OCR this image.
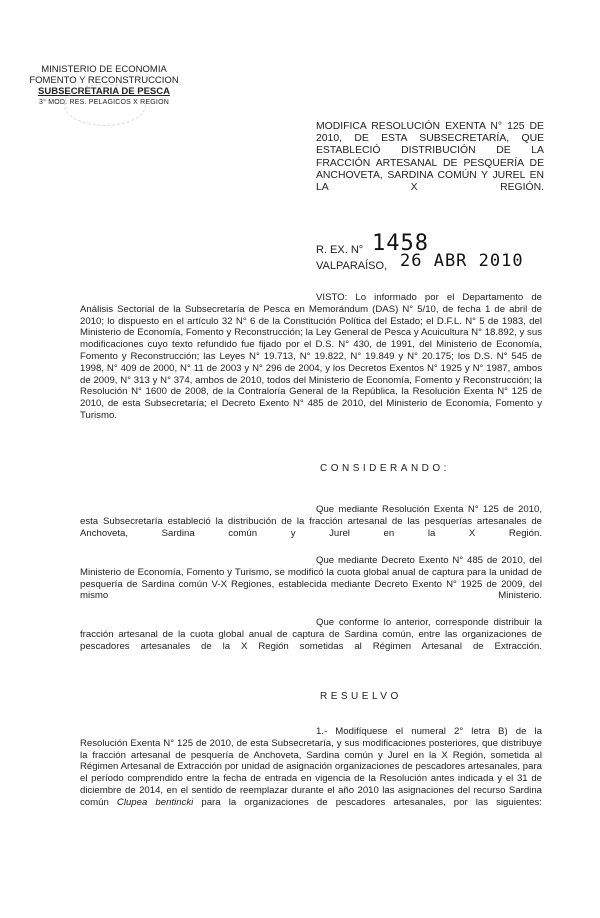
MINISTERIO DE ECONOMIA
FOMENTO Y RECONSTRUCCION
SUBSECRETARIA DE PESCA
3° MOD. RES. PELAGICOS X REGION
MODIFICA RESOLUCIÓN EXENTA N° 125 DE 2010, DE ESTA SUBSECRETARÍA, QUE ESTABLECIÓ DISTRIBUCIÓN DE LA FRACCIÓN ARTESANAL DE PESQUERÍA DE ANCHOVETA, SARDINA COMÚN Y JUREL EN LA X REGIÓN.
R. EX. N° 1458
VALPARAÍSO, 26 ABR 2010
VISTO: Lo informado por el Departamento de Análisis Sectorial de la Subsecretaría de Pesca en Memorándum (DAS) N° 5/10, de fecha 1 de abril de 2010; lo dispuesto en el artículo 32 N° 6 de la Constitución Política del Estado; el D.F.L. N° 5 de 1983, del Ministerio de Economía, Fomento y Reconstrucción; la Ley General de Pesca y Acuicultura N° 18.892, y sus modificaciones cuyo texto refundido fue fijado por el D.S. N° 430, de 1991, del Ministerio de Economía, Fomento y Reconstrucción; las Leyes N° 19.713, N° 19.822, N° 19.849 y N° 20.175; los D.S. N° 545 de 1998, N° 409 de 2000, N° 11 de 2003 y N° 296 de 2004, y los Decretos Exentos N° 1925 y N° 1987, ambos de 2009, N° 313 y N° 374, ambos de 2010, todos del Ministerio de Economía, Fomento y Reconstrucción; la Resolución N° 1600 de 2008, de la Contraloría General de la República, la Resolución Exenta N° 125 de 2010, de esta Subsecretaría; el Decreto Exento N° 485 de 2010, del Ministerio de Economía, Fomento y Turismo.
CONSIDERANDO:
Que mediante Resolución Exenta N° 125 de 2010, esta Subsecretaría estableció la distribución de la fracción artesanal de las pesquerías artesanales de Anchoveta, Sardina común y Jurel en la X Región.
Que mediante Decreto Exento N° 485 de 2010, del Ministerio de Economía, Fomento y Turismo, se modificó la cuota global anual de captura para la unidad de pesquería de Sardina común V-X Regiones, establecida mediante Decreto Exento N° 1925 de 2009, del mismo Ministerio.
Que conforme lo anterior, corresponde distribuir la fracción artesanal de la cuota global anual de captura de Sardina común, entre las organizaciones de pescadores artesanales de la X Región sometidas al Régimen Artesanal de Extracción.
RESUELVO
1.- Modifíquese el numeral 2° letra B) de la Resolución Exenta N° 125 de 2010, de esta Subsecretaría, y sus modificaciones posteriores, que distribuye la fracción artesanal de pesquería de Anchoveta, Sardina común y Jurel en la X Región, sometida al Régimen Artesanal de Extracción por unidad de asignación organizaciones de pescadores artesanales, para el período comprendido entre la fecha de entrada en vigencia de la Resolución antes indicada y el 31 de diciembre de 2014, en el sentido de reemplazar durante el año 2010 las asignaciones del recurso Sardina común Clupea bentincki para la organizaciones de pescadores artesanales, por las siguientes:
